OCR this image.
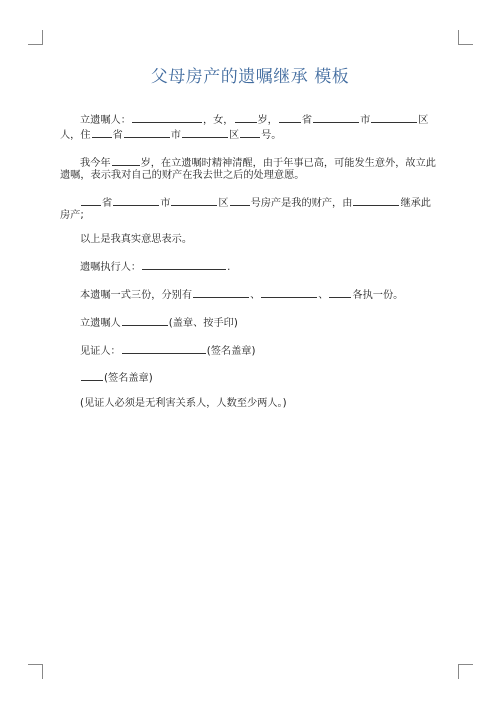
父母房产的遗嘱继承 模板

立遗嘱人：	，女， 岁， 省	市	区人，住 省	市	区 号。

我今年	岁，在立遗嘱时精神清醒，由于年事已高，可能发生意外，故立此遗嘱，表示我对自己的财产在我去世之后的处理意愿。

省	市	区 号房产是我的财产，由	继承此房产;

以上是我真实意思表示。

遗嘱执行人：	.

本遗嘱一式三份，分别有	、	、 各执一份。

立遗嘱人	(盖章、按手印)

见证人：	(签名盖章)

(签名盖章)

(见证人必须是无利害关系人，人数至少两人。)
